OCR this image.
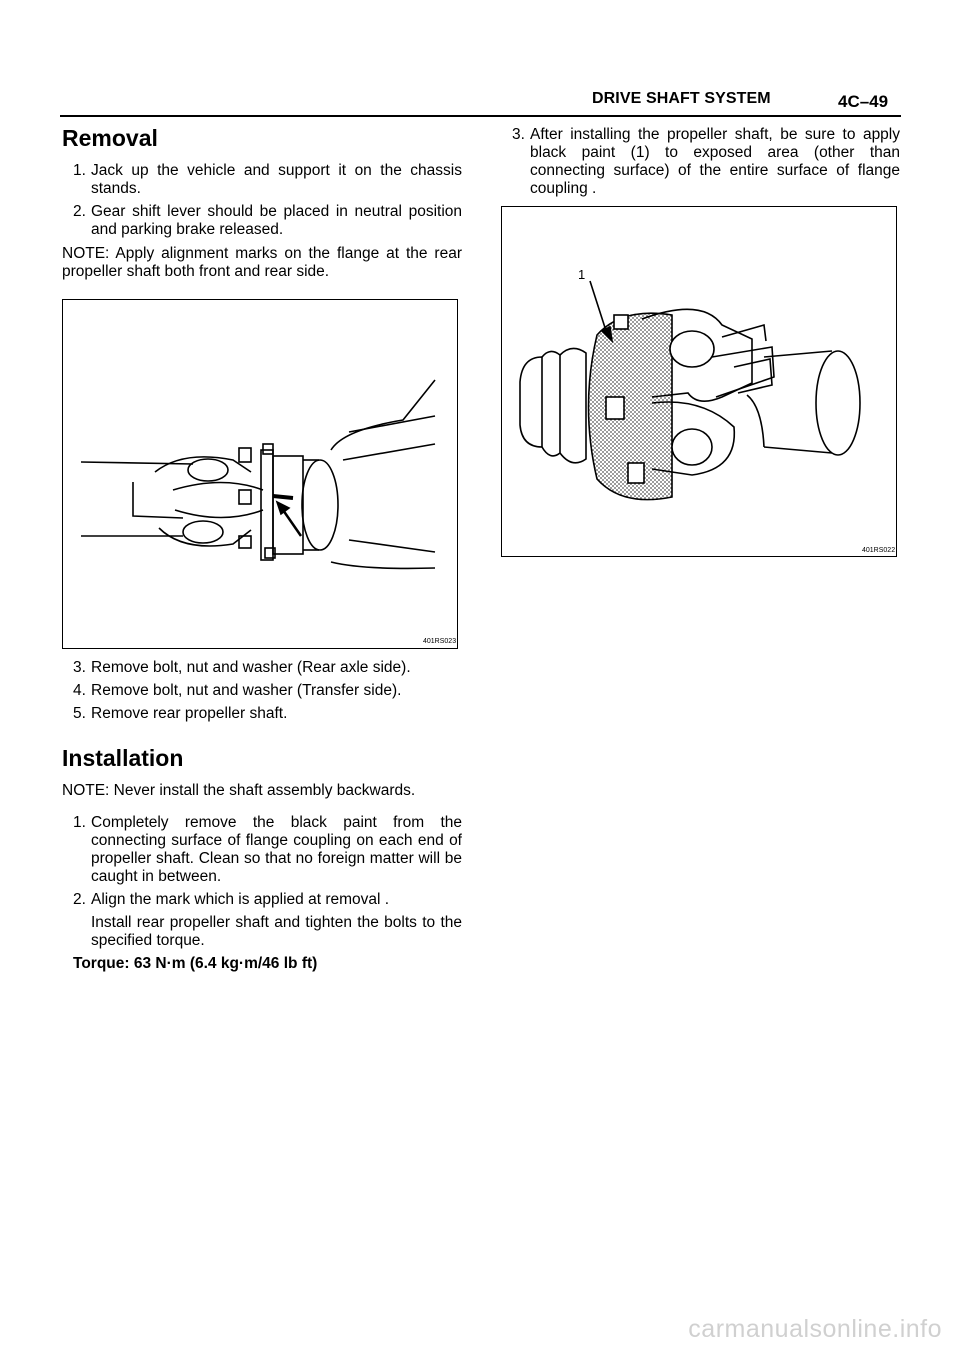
DRIVE SHAFT SYSTEM	4C–49
Removal
1. Jack up the vehicle and support it on the chassis stands.
2. Gear shift lever should be placed in neutral position and parking brake released.
NOTE: Apply alignment marks on the flange at the rear propeller shaft both front and rear side.
401RS023
3. Remove bolt, nut and washer (Rear axle side).
4. Remove bolt, nut and washer (Transfer side).
5. Remove rear propeller shaft.
Installation
NOTE: Never install the shaft assembly backwards.
1. Completely remove the black paint from the connecting surface of flange coupling on each end of propeller shaft. Clean so that no foreign matter will be caught in between.
2. Align the mark which is applied at removal .
Install rear propeller shaft and tighten the bolts to the specified torque.
Torque: 63 N·m (6.4 kg·m/46 lb ft)
3. After installing the propeller shaft, be sure to apply black paint (1) to exposed area (other than connecting surface) of the entire surface of flange coupling .
1
401RS022
carmanualsonline.info
